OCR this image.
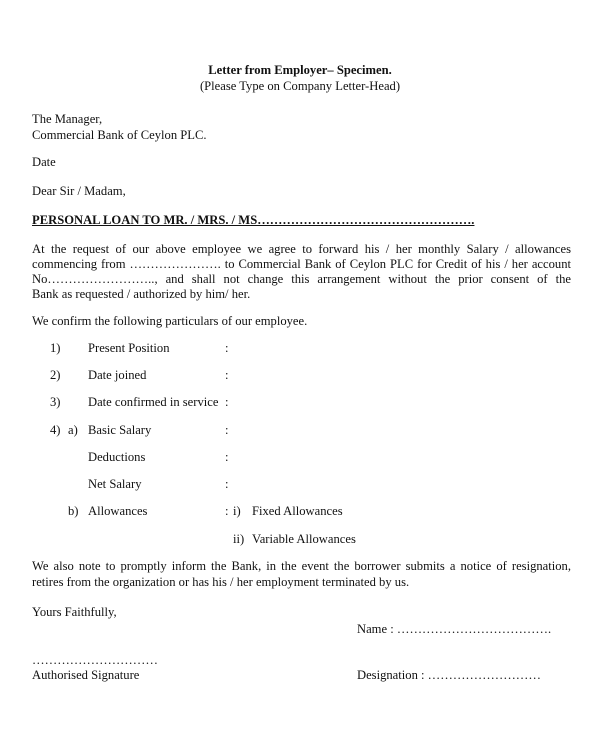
Letter from Employer– Specimen.
(Please Type on Company Letter-Head)
The Manager,
Commercial Bank of Ceylon PLC.
Date
Dear Sir / Madam,
PERSONAL LOAN TO MR. / MRS. / MS…………………………………………….
At the request of our above employee we agree to forward his / her monthly Salary / allowances
commencing from …………………. to Commercial Bank of Ceylon PLC for Credit of his / her account
No…………………….., and shall not change this arrangement without the prior consent of the
Bank as requested / authorized by him/ her.
We confirm the following particulars of our employee.
1) Present Position	:
2) Date joined	:
3) Date confirmed in service :
4) a) Basic Salary	:
Deductions	:
Net Salary	:
b) Allowances	: i) Fixed Allowances
ii) Variable Allowances
We also note to promptly inform the Bank, in the event the borrower submits a notice of resignation,
retires from the organization or has his / her employment terminated by us.
Yours Faithfully,
Name : ……………………………….
…………………………
Authorised Signature	Designation : ………………………
